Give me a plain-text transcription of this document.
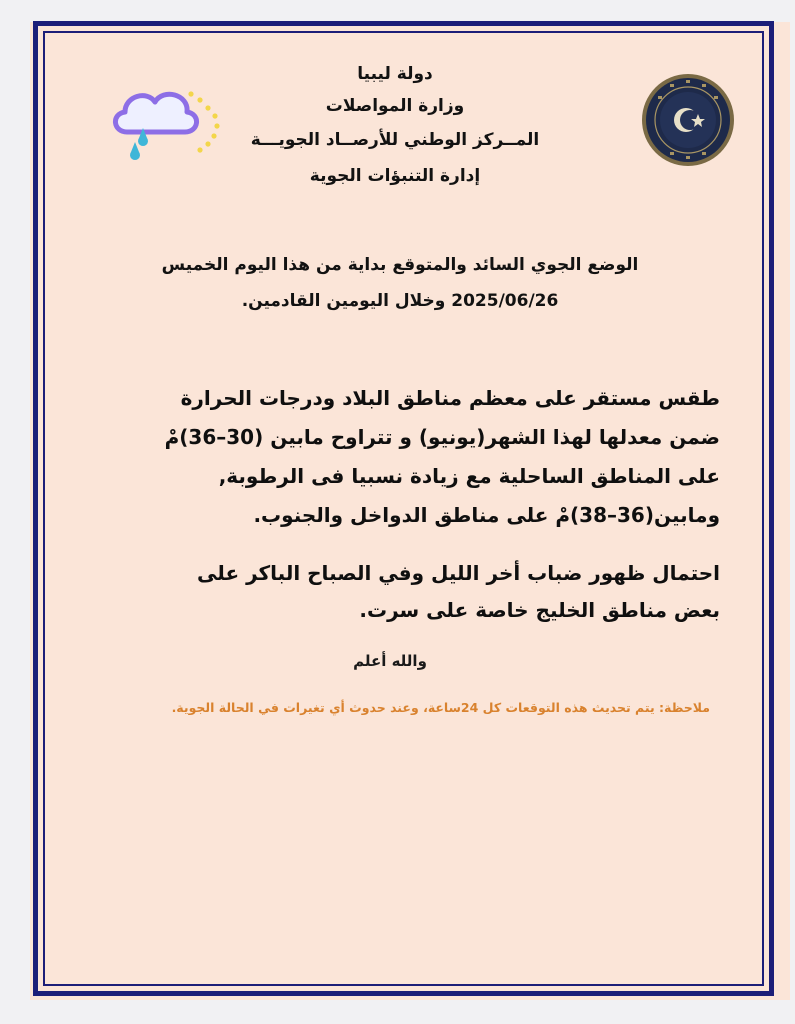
دولة ليبيا
وزارة المواصلات
المــركز الوطني للأرصــاد الجويـــة
إدارة التنبؤات الجوية
الوضع الجوي السائد والمتوقع بداية من هذا اليوم الخميس
2025/06/26 وخلال اليومين القادمين.
طقس مستقر على معظم مناطق البلاد ودرجات الحرارة
ضمن معدلها لهذا الشهر(يونيو) و تتراوح مابين (30–36)مْ
على المناطق الساحلية مع زيادة نسبيا فى الرطوبة,
ومابين(36–38)مْ على مناطق الدواخل والجنوب.
احتمال ظهور ضباب أخر الليل وفي الصباح الباكر على
بعض مناطق الخليج خاصة على سرت.
والله أعلم
ملاحظة: يتم تحديث هذه التوقعات كل 24ساعة، وعند حدوث أي تغيرات في الحالة الجوية.
